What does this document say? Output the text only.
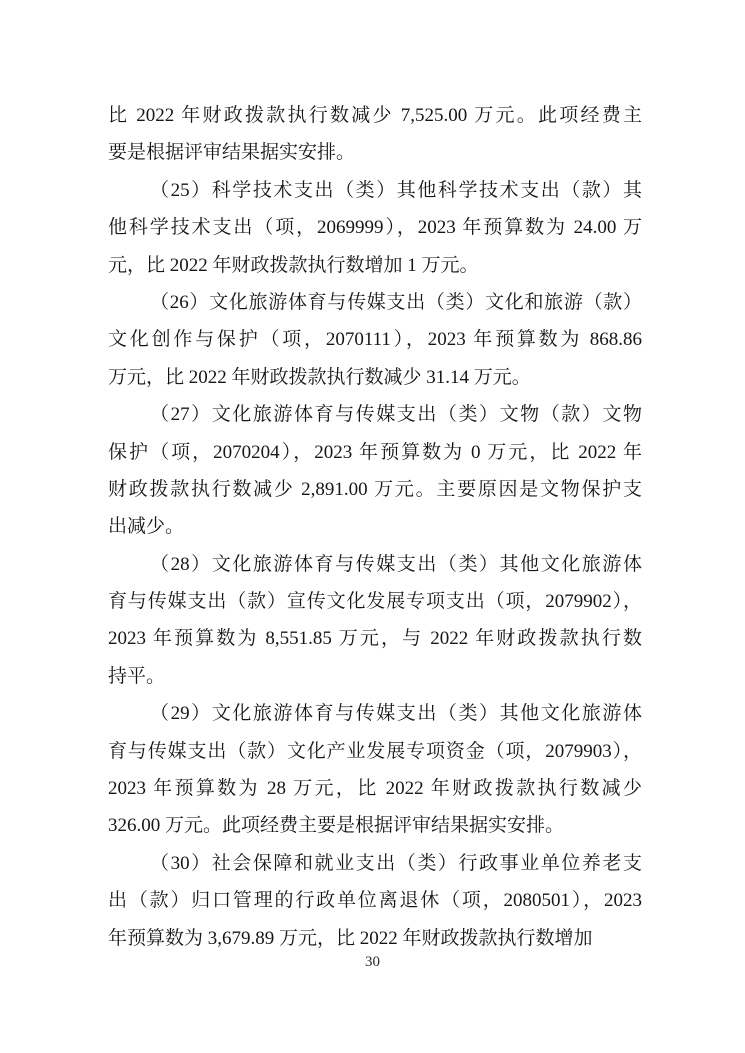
比 2022 年财政拨款执行数减少 7,525.00 万元。此项经费主
要是根据评审结果据实安排。
（25）科学技术支出（类）其他科学技术支出（款）其
他科学技术支出（项，2069999），2023 年预算数为 24.00 万
元，比 2022 年财政拨款执行数增加 1 万元。
（26）文化旅游体育与传媒支出（类）文化和旅游（款）
文化创作与保护（项，2070111），2023 年预算数为 868.86
万元，比 2022 年财政拨款执行数减少 31.14 万元。
（27）文化旅游体育与传媒支出（类）文物（款）文物
保护（项，2070204），2023 年预算数为 0 万元，比 2022 年
财政拨款执行数减少 2,891.00 万元。主要原因是文物保护支
出减少。
（28）文化旅游体育与传媒支出（类）其他文化旅游体
育与传媒支出（款）宣传文化发展专项支出（项，2079902），
2023 年预算数为 8,551.85 万元，与 2022 年财政拨款执行数
持平。
（29）文化旅游体育与传媒支出（类）其他文化旅游体
育与传媒支出（款）文化产业发展专项资金（项，2079903），
2023 年预算数为 28 万元，比 2022 年财政拨款执行数减少
326.00 万元。此项经费主要是根据评审结果据实安排。
（30）社会保障和就业支出（类）行政事业单位养老支
出（款）归口管理的行政单位离退休（项，2080501），2023
年预算数为 3,679.89 万元，比 2022 年财政拨款执行数增加
30
